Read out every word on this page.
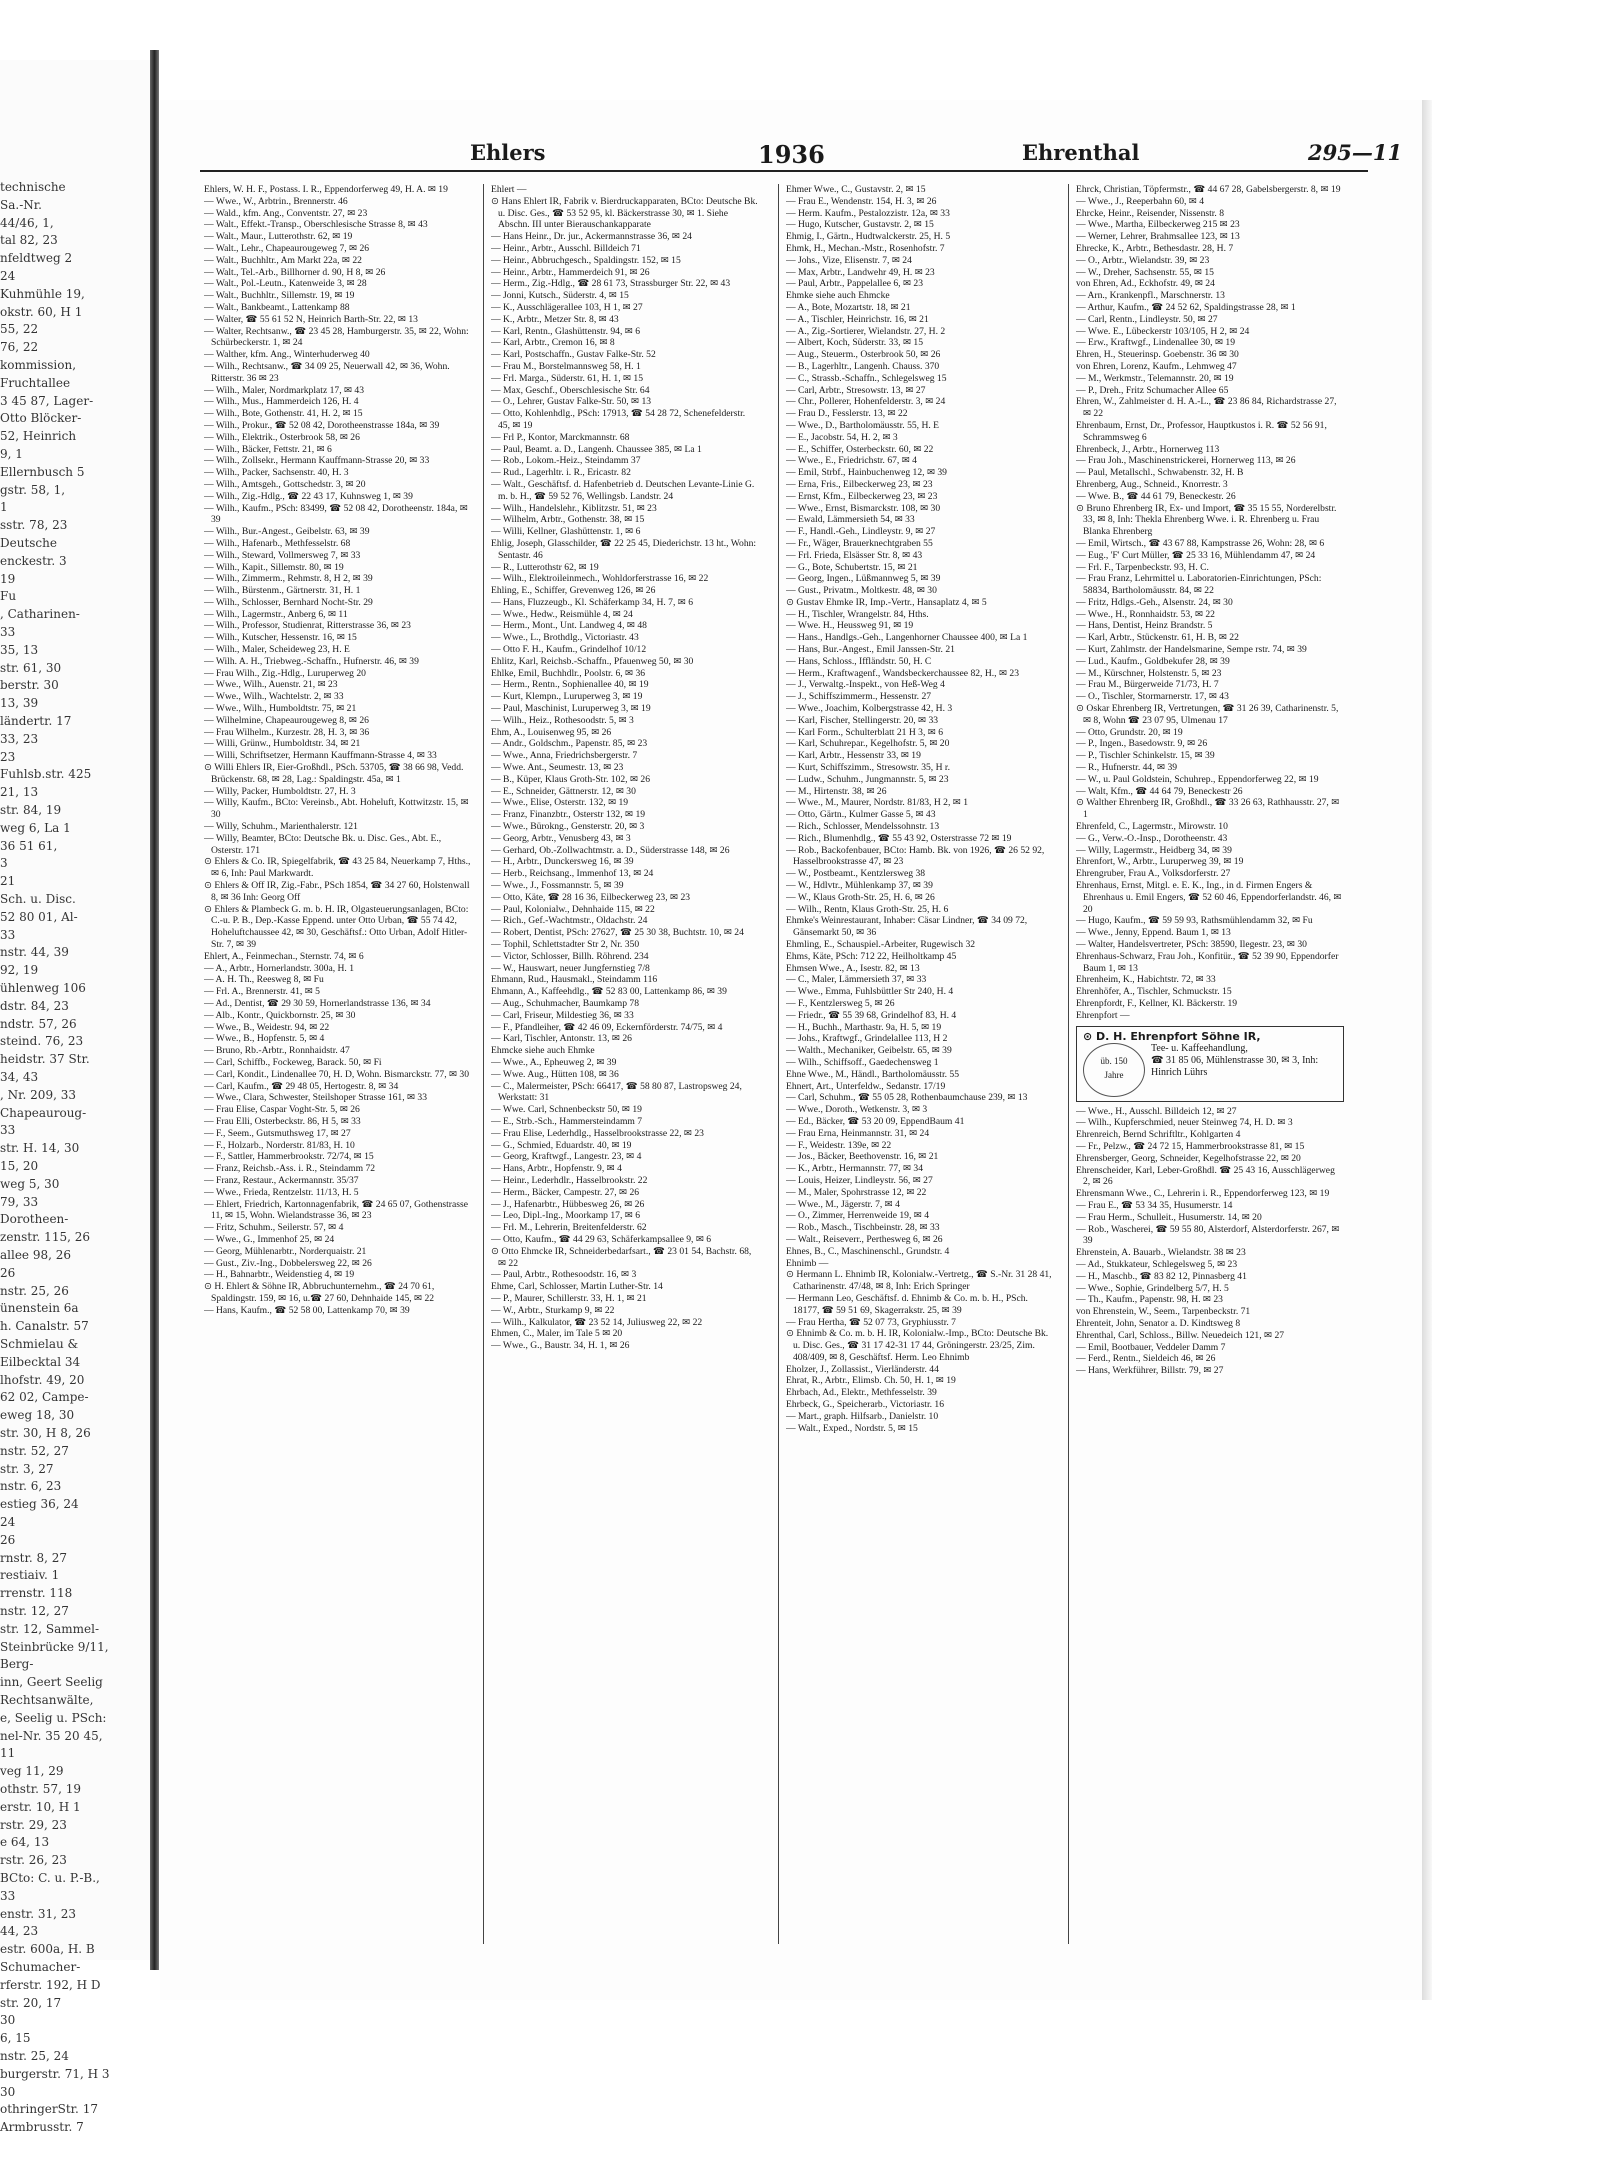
technische
Sa.-Nr.
44/46, 1,
tal 82, 23
nfeldtweg 2
24
Kuhmühle 19,
okstr. 60, H 1
55, 22
76, 22
kommission,
Fruchtallee
3 45 87, Lager-
Otto Blöcker-
52, Heinrich
9, 1
Ellernbusch 5
gstr. 58, 1,
1
sstr. 78, 23
Deutsche
enckestr. 3
19
Fu
, Catharinen-
33
35, 13
str. 61, 30
berstr. 30
13, 39
ländertr. 17
33, 23
23
Fuhlsb.str. 425
21, 13
str. 84, 19
weg 6, La 1
36 51 61,
3
21
Sch. u. Disc.
52 80 01, Al-
33
nstr. 44, 39
92, 19
ühlenweg 106
dstr. 84, 23
ndstr. 57, 26
steind. 76, 23
heidstr. 37 Str.
34, 43
, Nr. 209, 33
Chapeauroug-
33
str. H. 14, 30
15, 20
weg 5, 30
79, 33
Dorotheen-
zenstr. 115, 26
allee 98, 26
26
nstr. 25, 26
ünenstein 6a
h. Canalstr. 57
Schmielau &
Eilbecktal 34
lhofstr. 49, 20
62 02, Campe-
eweg 18, 30
str. 30, H 8, 26
nstr. 52, 27
str. 3, 27
nstr. 6, 23
estieg 36, 24
24
26
rnstr. 8, 27
restiaiv. 1
rrenstr. 118
nstr. 12, 27
str. 12, Sammel-
Steinbrücke 9/11,
Berg-
inn, Geert Seelig
Rechtsanwälte,
e, Seelig u. PSch:
nel-Nr. 35 20 45,
11
veg 11, 29
othstr. 57, 19
erstr. 10, H 1
rstr. 29, 23
e 64, 13
rstr. 26, 23
BCto: C. u. P.-B.,
33
enstr. 31, 23
44, 23
estr. 600a, H. B
Schumacher-
rferstr. 192, H D
str. 20, 17
30
6, 15
nstr. 25, 24
burgerstr. 71, H 3
30
othringerStr. 17
Armbrusstr. 7
Ehlers	1936	Ehrenthal	295—11

Ehlers, W. H. F., Postass. I. R., Eppendorferweg 49, H. A. ✉ 19

— Wwe., W., Arbtrin., Brennerstr. 46

— Wald., kfm. Ang., Conventstr. 27, ✉ 23

— Walt., Effekt.-Transp., Oberschlesische Strasse 8, ✉ 43

— Walt., Maur., Lutterothstr. 62, ✉ 19

— Walt., Lehr., Chapeaurougeweg 7, ✉ 26

— Walt., Buchhltr., Am Markt 22a, ✉ 22

— Walt., Tel.-Arb., Billhorner d. 90, H 8, ✉ 26

— Walt., Pol.-Leutn., Katenweide 3, ✉ 28

— Walt., Buchhltr., Sillemstr. 19, ✉ 19

— Walt., Bankbeamt., Lattenkamp 88

— Walter, ☎ 55 61 52 N, Heinrich Barth-Str. 22, ✉ 13

— Walter, Rechtsanw., ☎ 23 45 28, Hamburgerstr. 35, ✉ 22, Wohn: Schürbeckerstr. 1, ✉ 24

— Walther, kfm. Ang., Winterhuderweg 40

— Wilh., Rechtsanw., ☎ 34 09 25, Neuerwall 42, ✉ 36, Wohn. Ritterstr. 36 ✉ 23

— Wilh., Maler, Nordmarkplatz 17, ✉ 43

— Wilh., Mus., Hammerdeich 126, H. 4

— Wilh., Bote, Gothenstr. 41, H. 2, ✉ 15

— Wilh., Prokur., ☎ 52 08 42, Dorotheenstrasse 184a, ✉ 39

— Wilh., Elektrik., Osterbrook 58, ✉ 26

— Wilh., Bäcker, Fettstr. 21, ✉ 6

— Wilh., Zollsekr., Hermann Kauffmann-Strasse 20, ✉ 33

— Wilh., Packer, Sachsenstr. 40, H. 3

— Wilh., Amtsgeh., Gottschedstr. 3, ✉ 20

— Wilh., Zig.-Hdlg., ☎ 22 43 17, Kuhnsweg 1, ✉ 39

— Wilh., Kaufm., PSch: 83499, ☎ 52 08 42, Dorotheenstr. 184a, ✉ 39

— Wilh., Bur.-Angest., Geibelstr. 63, ✉ 39

— Wilh., Hafenarb., Methfesselstr. 68

— Wilh., Steward, Vollmersweg 7, ✉ 33

— Wilh., Kapit., Sillemstr. 80, ✉ 19

— Wilh., Zimmerm., Rehmstr. 8, H 2, ✉ 39

— Wilh., Bürstenm., Gärtnerstr. 31, H. 1

— Wilh., Schlosser, Bernhard Nocht-Str. 29

— Wilh., Lagermstr., Anberg 6, ✉ 11

— Wilh., Professor, Studienrat, Ritterstrasse 36, ✉ 23

— Wilh., Kutscher, Hessenstr. 16, ✉ 15

— Wilh., Maler, Scheideweg 23, H. E

— Wilh. A. H., Triebweg.-Schaffn., Hufnerstr. 46, ✉ 39

— Frau Wilh., Zig.-Hdlg., Luruperweg 20

— Wwe., Wilh., Auenstr. 21, ✉ 23

— Wwe., Wilh., Wachtelstr. 2, ✉ 33

— Wwe., Wilh., Humboldtstr. 75, ✉ 21

— Wilhelmine, Chapeaurougeweg 8, ✉ 26

— Frau Wilhelm., Kurzestr. 28, H. 3, ✉ 36

— Willi, Grünw., Humboldtstr. 34, ✉ 21

— Willi, Schriftsetzer, Hermann Kauffmann-Strasse 4, ✉ 33

⊙ Willi Ehlers IR, Eier-Großhdl., PSch. 53705, ☎ 38 66 98, Vedd. Brückenstr. 68, ✉ 28, Lag.: Spaldingstr. 45a, ✉ 1

— Willy, Packer, Humboldtstr. 27, H. 3

— Willy, Kaufm., BCto: Vereinsb., Abt. Hoheluft, Kottwitzstr. 15, ✉ 30

— Willy, Schuhm., Marienthalerstr. 121

— Willy, Beamter, BCto: Deutsche Bk. u. Disc. Ges., Abt. E., Osterstr. 171

⊙ Ehlers & Co. IR, Spiegelfabrik, ☎ 43 25 84, Neuerkamp 7, Hths., ✉ 6, Inh: Paul Markwardt.

⊙ Ehlers & Off IR, Zig.-Fabr., PSch 1854, ☎ 34 27 60, Holstenwall 8, ✉ 36 Inh: Georg Off

⊙ Ehlers & Plambeck G. m. b. H. IR, Olgasteuerungsanlagen, BCto: C.-u. P. B., Dep.-Kasse Eppend. unter Otto Urban, ☎ 55 74 42, Hoheluftchaussee 42, ✉ 30, Geschäftsf.: Otto Urban, Adolf Hitler-Str. 7, ✉ 39

Ehlert, A., Feinmechan., Sternstr. 74, ✉ 6

— A., Arbtr., Hornerlandstr. 300a, H. 1

— A. H. Th., Reesweg 8, ✉ Fu

— Frl. A., Brennerstr. 41, ✉ 5

— Ad., Dentist, ☎ 29 30 59, Hornerlandstrasse 136, ✉ 34

— Alb., Kontr., Quickbornstr. 25, ✉ 30

— Wwe., B., Weidestr. 94, ✉ 22

— Wwe., B., Hopfenstr. 5, ✉ 4

— Bruno, Rb.-Arbtr., Ronnhaidstr. 47

— Carl, Schiffb., Fockeweg, Barack. 50, ✉ Fi

— Carl, Kondit., Lindenallee 70, H. D, Wohn. Bismarckstr. 77, ✉ 30

— Carl, Kaufm., ☎ 29 48 05, Hertogestr. 8, ✉ 34

— Wwe., Clara, Schwester, Steilshoper Strasse 161, ✉ 33

— Frau Elise, Caspar Voght-Str. 5, ✉ 26

— Frau Elli, Osterbeckstr. 86, H 5, ✉ 33

— F., Seem., Gutsmuthsweg 17, ✉ 27

— F., Holzarb., Norderstr. 81/83, H. 10

— F., Sattler, Hammerbrookstr. 72/74, ✉ 15

— Franz, Reichsb.-Ass. i. R., Steindamm 72

— Franz, Restaur., Ackermannstr. 35/37

— Wwe., Frieda, Rentzelstr. 11/13, H. 5

— Ehlert, Friedrich, Kartonnagenfabrik, ☎ 24 65 07, Gothenstrasse 11, ✉ 15, Wohn. Wielandstrasse 36, ✉ 23

— Fritz, Schuhm., Seilerstr. 57, ✉ 4

— Wwe., G., Immenhof 25, ✉ 24

— Georg, Mühlenarbtr., Norderquaistr. 21

— Gust., Ziv.-Ing., Dobbelersweg 22, ✉ 26

— H., Bahnarbtr., Weidenstieg 4, ✉ 19

⊙ H. Ehlert & Söhne IR, Abbruchunternehm., ☎ 24 70 61, Spaldingstr. 159, ✉ 16, u.☎ 27 60, Dehnhaide 145, ✉ 22

— Hans, Kaufm., ☎ 52 58 00, Lattenkamp 70, ✉ 39

Ehlert —

⊙ Hans Ehlert IR, Fabrik v. Bierdruckapparaten, BCto: Deutsche Bk. u. Disc. Ges., ☎ 53 52 95, kl. Bäckerstrasse 30, ✉ 1. Siehe Abschn. III unter Bierauschankapparate

— Hans Heinr., Dr. jur., Ackermannstrasse 36, ✉ 24

— Heinr., Arbtr., Ausschl. Billdeich 71

— Heinr., Abbruchgesch., Spaldingstr. 152, ✉ 15

— Heinr., Arbtr., Hammerdeich 91, ✉ 26

— Herm., Zig.-Hdlg., ☎ 28 61 73, Strassburger Str. 22, ✉ 43

— Jonni, Kutsch., Süderstr. 4, ✉ 15

— K., Ausschlägerallee 103, H 1, ✉ 27

— K., Arbtr., Metzer Str. 8, ✉ 43

— Karl, Rentn., Glashüttenstr. 94, ✉ 6

— Karl, Arbtr., Cremon 16, ✉ 8

— Karl, Postschaffn., Gustav Falke-Str. 52

— Frau M., Borstelmannsweg 58, H. 1

— Frl. Marga., Süderstr. 61, H. 1, ✉ 15

— Max, Geschf., Oberschlesische Str. 64

— O., Lehrer, Gustav Falke-Str. 50, ✉ 13

— Otto, Kohlenhdlg., PSch: 17913, ☎ 54 28 72, Schenefelderstr. 45, ✉ 19

— Frl P., Kontor, Marckmannstr. 68

— Paul, Beamt. a. D., Langenh. Chaussee 385, ✉ La 1

— Rob., Lokom.-Heiz., Steindamm 37

— Rud., Lagerhltr. i. R., Ericastr. 82

— Walt., Geschäftsf. d. Hafenbetrieb d. Deutschen Levante-Linie G. m. b. H., ☎ 59 52 76, Wellingsb. Landstr. 24

— Wilh., Handelslehr., Kiblitzstr. 51, ✉ 23

— Wilhelm, Arbtr., Gothenstr. 38, ✉ 15

— Willi, Kellner, Glashüttenstr. 1, ✉ 6

Ehlig, Joseph, Glasschilder, ☎ 22 25 45, Diederichstr. 13 ht., Wohn: Sentastr. 46

— R., Lutterothstr 62, ✉ 19

— Wilh., Elektroileinmech., Wohldorferstrasse 16, ✉ 22

Ehling, E., Schiffer, Grevenweg 126, ✉ 26

— Hans, Fluzzeugb., Kl. Schäferkamp 34, H. 7, ✉ 6

— Wwe., Hedw., Reismühle 4, ✉ 24

— Herm., Mont., Unt. Landweg 4, ✉ 48

— Wwe., L., Brothdlg., Victoriastr. 43

— Otto F. H., Kaufm., Grindelhof 10/12

Ehlitz, Karl, Reichsb.-Schaffn., Pfauenweg 50, ✉ 30

Ehlke, Emil, Buchhdlr., Poolstr. 6, ✉ 36

— Herm., Rentn., Sophienallee 40, ✉ 19

— Kurt, Klempn., Luruperweg 3, ✉ 19

— Paul, Maschinist, Luruperweg 3, ✉ 19

— Wilh., Heiz., Rothesoodstr. 5, ✉ 3

Ehm, A., Louisenweg 95, ✉ 26

— Andr., Goldschm., Papenstr. 85, ✉ 23

— Wwe., Anna, Friedrichsbergerstr. 7

— Wwe. Ant., Seumestr. 13, ✉ 23

— B., Küper, Klaus Groth-Str. 102, ✉ 26

— E., Schneider, Gättnerstr. 12, ✉ 30

— Wwe., Elise, Osterstr. 132, ✉ 19

— Franz, Finanzbtr., Osterstr 132, ✉ 19

— Wwe., Bürokng., Gensterstr. 20, ✉ 3

— Georg, Arbtr., Venusberg 43, ✉ 3

— Gerhard, Ob.-Zollwachtmstr. a. D., Süderstrasse 148, ✉ 26

— H., Arbtr., Dunckersweg 16, ✉ 39

— Herb., Reichsang., Immenhof 13, ✉ 24

— Wwe., J., Fossmannstr. 5, ✉ 39

— Otto, Käte, ☎ 28 16 36, Eilbeckerweg 23, ✉ 23

— Paul, Kolonialw., Dehnhaide 115, ✉ 22

— Rich., Gef.-Wachtmstr., Oldachstr. 24

— Robert, Dentist, PSch: 27627, ☎ 25 30 38, Buchtstr. 10, ✉ 24

— Tophil, Schlettstadter Str 2, Nr. 350

— Victor, Schlosser, Billh. Röhrend. 234

— W., Hauswart, neuer Jungfernstieg 7/8

Ehmann, Rud., Hausmakl., Steindamm 116

Ehmann, A., Kaffeehdlg., ☎ 52 83 00, Lattenkamp 86, ✉ 39

— Aug., Schuhmacher, Baumkamp 78

— Carl, Friseur, Mildestieg 36, ✉ 33

— F., Pfandleiher, ☎ 42 46 09, Eckernförderstr. 74/75, ✉ 4

— Karl, Tischler, Antonstr. 13, ✉ 26

Ehmcke siehe auch Ehmke

— Wwe., A., Epheuweg 2, ✉ 39

— Wwe. Aug., Hütten 108, ✉ 36

— C., Malermeister, PSch: 66417, ☎ 58 80 87, Lastropsweg 24, Werkstatt: 31

— Wwe. Carl, Schnenbeckstr 50, ✉ 19

— E., Strb.-Sch., Hammersteindamm 7

— Frau Elise, Lederhdlg., Hasselbrookstrasse 22, ✉ 23

— G., Schmied, Eduardstr. 40, ✉ 19

— Georg, Kraftwgf., Langestr. 23, ✉ 4

— Hans, Arbtr., Hopfenstr. 9, ✉ 4

— Heinr., Lederhdlr., Hasselbrookstr. 22

— Herm., Bäcker, Campestr. 27, ✉ 26

— J., Hafenarbtr., Hübbesweg 26, ✉ 26

— Leo, Dipl.-Ing., Moorkamp 17, ✉ 6

— Frl. M., Lehrerin, Breitenfelderstr. 62

— Otto, Kaufm., ☎ 44 29 63, Schäferkampsallee 9, ✉ 6

⊙ Otto Ehmcke IR, Schneiderbedarfsart., ☎ 23 01 54, Bachstr. 68, ✉ 22

— Paul, Arbtr., Rothesoodstr. 16, ✉ 3

Ehme, Carl, Schlosser, Martin Luther-Str. 14

— P., Maurer, Schillerstr. 33, H. 1, ✉ 21

— W., Arbtr., Sturkamp 9, ✉ 22

— Wilh., Kalkulator, ☎ 23 52 14, Juliusweg 22, ✉ 22

Ehmen, C., Maler, im Tale 5 ✉ 20

— Wwe., G., Baustr. 34, H. 1, ✉ 26

Ehmer Wwe., C., Gustavstr. 2, ✉ 15

— Frau E., Wendenstr. 154, H. 3, ✉ 26

— Herm. Kaufm., Pestalozzistr. 12a, ✉ 33

— Hugo, Kutscher, Gustavstr. 2, ✉ 15

Ehmig, I., Gärtn., Hudtwalckerstr. 25, H. 5

Ehmk, H., Mechan.-Mstr., Rosenhofstr. 7

— Johs., Vize, Elisenstr. 7, ✉ 24

— Max, Arbtr., Landwehr 49, H. ✉ 23

— Paul, Arbtr., Pappelallee 6, ✉ 23

Ehmke siehe auch Ehmcke

— A., Bote, Mozartstr. 18, ✉ 21

— A., Tischler, Heinrichstr. 16, ✉ 21

— A., Zig.-Sortierer, Wielandstr. 27, H. 2

— Albert, Koch, Süderstr. 33, ✉ 15

— Aug., Steuerm., Osterbrook 50, ✉ 26

— B., Lagerhltr., Langenh. Chauss. 370

— C., Strassb.-Schaffn., Schlegelsweg 15

— Carl, Arbtr., Stresowstr. 13, ✉ 27

— Chr., Pollerer, Hohenfelderstr. 3, ✉ 24

— Frau D., Fesslerstr. 13, ✉ 22

— Wwe., D., Bartholomäusstr. 55, H. E

— E., Jacobstr. 54, H. 2, ✉ 3

— E., Schiffer, Osterbeckstr. 60, ✉ 22

— Wwe., E., Friedrichstr. 67, ✉ 4

— Emil, Strbf., Hainbuchenweg 12, ✉ 39

— Erna, Fris., Eilbeckerweg 23, ✉ 23

— Ernst, Kfm., Eilbeckerweg 23, ✉ 23

— Wwe., Ernst, Bismarckstr. 108, ✉ 30

— Ewald, Lämmersieth 54, ✉ 33

— F., Handl.-Geh., Lindleystr. 9, ✉ 27

— Fr., Wäger, Brauerknechtgraben 55

— Frl. Frieda, Elsässer Str. 8, ✉ 43

— G., Bote, Schubertstr. 15, ✉ 21

— Georg, Ingen., Lüßmannweg 5, ✉ 39

— Gust., Privatm., Moltkestr. 48, ✉ 30

⊙ Gustav Ehmke IR, Imp.-Vertr., Hansaplatz 4, ✉ 5

— H., Tischler, Wrangelstr. 84, Hths.

— Wwe. H., Heussweg 91, ✉ 19

— Hans., Handlgs.-Geh., Langenhorner Chaussee 400, ✉ La 1

— Hans, Bur.-Angest., Emil Janssen-Str. 21

— Hans, Schloss., Iffländstr. 50, H. C

— Herm., Kraftwagenf., Wandsbeckerchaussee 82, H., ✉ 23

— J., Verwaltg.-Inspekt., von Heß-Weg 4

— J., Schiffszimmerm., Hessenstr. 27

— Wwe., Joachim, Kolbergstrasse 42, H. 3

— Karl, Fischer, Stellingerstr. 20, ✉ 33

— Karl Form., Schulterblatt 21 H 3, ✉ 6

— Karl, Schuhrepar., Kegelhofstr. 5, ✉ 20

— Karl, Arbtr., Hessenstr 33, ✉ 19

— Kurt, Schiffszimm., Stresowstr. 35, H r.

— Ludw., Schuhm., Jungmannstr. 5, ✉ 23

— M., Hirtenstr. 38, ✉ 26

— Wwe., M., Maurer, Nordstr. 81/83, H 2, ✉ 1

— Otto, Gärtn., Kulmer Gasse 5, ✉ 43

— Rich., Schlosser, Mendelssohnstr. 13

— Rich., Blumenhdlg., ☎ 55 43 92, Osterstrasse 72 ✉ 19

— Rob., Backofenbauer, BCto: Hamb. Bk. von 1926, ☎ 26 52 92, Hasselbrookstrasse 47, ✉ 23

— W., Postbeamt., Kentzlersweg 38

— W., Hdlvtr., Mühlenkamp 37, ✉ 39

— W., Klaus Groth-Str. 25, H. 6, ✉ 26

— Wilh., Rentn, Klaus Groth-Str. 25, H. 6

Ehmke's Weinrestaurant, Inhaber: Cäsar Lindner, ☎ 34 09 72, Gänsemarkt 50, ✉ 36

Ehmling, E., Schauspiel.-Arbeiter, Rugewisch 32

Ehms, Käte, PSch: 712 22, Heilholtkamp 45

Ehmsen Wwe., A., Isestr. 82, ✉ 13

— C., Maler, Lämmersieth 37, ✉ 33

— Wwe., Emma, Fuhlsbüttler Str 240, H. 4

— F., Kentzlersweg 5, ✉ 26

— Friedr., ☎ 55 39 68, Grindelhof 83, H. 4

— H., Buchh., Marthastr. 9a, H. 5, ✉ 19

— Johs., Kraftwgf., Grindelallee 113, H 2

— Walth., Mechaniker, Geibelstr. 65, ✉ 39

— Wilh., Schiffsoff., Gaedechensweg 1

Ehne Wwe., M., Händl., Bartholomäusstr. 55

Ehnert, Art., Unterfeldw., Sedanstr. 17/19

— Carl, Schuhm., ☎ 55 05 28, Rothenbaumchause 239, ✉ 13

— Wwe., Doroth., Wetkenstr. 3, ✉ 3

— Ed., Bäcker, ☎ 53 20 09, EppendBaum 41

— Frau Erna, Heinmannstr. 31, ✉ 24

— F., Weidestr. 139e, ✉ 22

— Jos., Bäcker, Beethovenstr. 16, ✉ 21

— K., Arbtr., Hermannstr. 77, ✉ 34

— Louis, Heizer, Lindleystr. 56, ✉ 27

— M., Maler, Spohrstrasse 12, ✉ 22

— Wwe., M., Jägerstr. 7, ✉ 4

— O., Zimmer, Herrenweide 19, ✉ 4

— Rob., Masch., Tischbeinstr. 28, ✉ 33

— Walt., Reiseverr., Perthesweg 6, ✉ 26

Ehnes, B., C., Maschinenschl., Grundstr. 4

Ehnimb —

⊙ Hermann L. Ehnimb IR, Kolonialw.-Vertretg., ☎ S.-Nr. 31 28 41, Catharinenstr. 47/48, ✉ 8, Inh: Erich Springer

— Hermann Leo, Geschäftsf. d. Ehnimb & Co. m. b. H., PSch. 18177, ☎ 59 51 69, Skagerrakstr. 25, ✉ 39

— Frau Hertha, ☎ 52 07 73, Gryphiusstr. 7

⊙ Ehnimb & Co. m. b. H. IR, Kolonialw.-Imp., BCto: Deutsche Bk. u. Disc. Ges., ☎ 31 17 42-31 17 44, Gröningerstr. 23/25, Zim. 408/409, ✉ 8, Geschäftsf. Herm. Leo Ehnimb

Eholzer, J., Zollassist., Vierländerstr. 44

Ehrat, R., Arbtr., Elimsb. Ch. 50, H. 1, ✉ 19

Ehrbach, Ad., Elektr., Methfesselstr. 39

Ehrbeck, G., Speicherarb., Victoriastr. 16

— Mart., graph. Hilfsarb., Danielstr. 10

— Walt., Exped., Nordstr. 5, ✉ 15

Ehrck, Christian, Töpfermstr., ☎ 44 67 28, Gabelsbergerstr. 8, ✉ 19

— Wwe., J., Reeperbahn 60, ✉ 4

Ehrcke, Heinr., Reisender, Nissenstr. 8

— Wwe., Martha, Eilbeckerweg 215 ✉ 23

— Werner, Lehrer, Brahmsallee 123, ✉ 13

Ehrecke, K., Arbtr., Bethesdastr. 28, H. 7

— O., Arbtr., Wielandstr. 39, ✉ 23

— W., Dreher, Sachsenstr. 55, ✉ 15

von Ehren, Ad., Eckhofstr. 49, ✉ 24

— Arn., Krankenpfl., Marschnerstr. 13

— Arthur, Kaufm., ☎ 24 52 62, Spaldingstrasse 28, ✉ 1

— Carl, Rentn., Lindleystr. 50, ✉ 27

— Wwe. E., Lübeckerstr 103/105, H 2, ✉ 24

— Erw., Kraftwgf., Lindenallee 30, ✉ 19

Ehren, H., Steuerinsp. Goebenstr. 36 ✉ 30

von Ehren, Lorenz, Kaufm., Lehmweg 47

— M., Werkmstr., Telemannstr. 20, ✉ 19

— P., Dreh., Fritz Schumacher Allee 65

Ehren, W., Zahlmeister d. H. A.-L., ☎ 23 86 84, Richardstrasse 27, ✉ 22

Ehrenbaum, Ernst, Dr., Professor, Hauptkustos i. R. ☎ 52 56 91, Schrammsweg 6

Ehrenbeck, J., Arbtr., Hornerweg 113

— Frau Joh., Maschinenstrickerei, Hornerweg 113, ✉ 26

— Paul, Metallschl., Schwabenstr. 32, H. B

Ehrenberg, Aug., Schneid., Knorrestr. 3

— Wwe. B., ☎ 44 61 79, Beneckestr. 26

⊙ Bruno Ehrenberg IR, Ex- und Import, ☎ 35 15 55, Norderelbstr. 33, ✉ 8, Inh: Thekla Ehrenberg Wwe. i. R. Ehrenberg u. Frau Blanka Ehrenberg

— Emil, Wirtsch., ☎ 43 67 88, Kampstrasse 26, Wohn: 28, ✉ 6

— Eug., 'F' Curt Müller, ☎ 25 33 16, Mühlendamm 47, ✉ 24

— Frl. F., Tarpenbeckstr. 93, H. C.

— Frau Franz, Lehrmittel u. Laboratorien-Einrichtungen, PSch: 58834, Bartholomäusstr. 84, ✉ 22

— Fritz, Hdlgs.-Geh., Alsenstr. 24, ✉ 30

— Wwe., H., Ronnhaidstr. 53, ✉ 22

— Hans, Dentist, Heinz Brandstr. 5

— Karl, Arbtr., Stückenstr. 61, H. B, ✉ 22

— Kurt, Zahlmstr. der Handelsmarine, Sempe rstr. 74, ✉ 39

— Lud., Kaufm., Goldbekufer 28, ✉ 39

— M., Kürschner, Holstenstr. 5, ✉ 23

— Frau M., Bürgerweide 71/73, H. 7

— O., Tischler, Stormarnerstr. 17, ✉ 43

⊙ Oskar Ehrenberg IR, Vertretungen, ☎ 31 26 39, Catharinenstr. 5, ✉ 8, Wohn ☎ 23 07 95, Ulmenau 17

— Otto, Grundstr. 20, ✉ 19

— P., Ingen., Basedowstr. 9, ✉ 26

— P., Tischler Schinkelstr. 15, ✉ 39

— R., Hufnerstr. 44, ✉ 39

— W., u. Paul Goldstein, Schuhrep., Eppendorferweg 22, ✉ 19

— Walt, Kfm., ☎ 44 64 79, Beneckestr 26

⊙ Walther Ehrenberg IR, Großhdl., ☎ 33 26 63, Rathhausstr. 27, ✉ 1

Ehrenfeld, C., Lagermstr., Mirowstr. 10

— G., Verw.-O.-Insp., Dorotheenstr. 43

— Willy, Lagermstr., Heidberg 34, ✉ 39

Ehrenfort, W., Arbtr., Luruperweg 39, ✉ 19

Ehrengruber, Frau A., Volksdorferstr. 27

Ehrenhaus, Ernst, Mitgl. e. E. K., Ing., in d. Firmen Engers & Ehrenhaus u. Emil Engers, ☎ 52 60 46, Eppendorferlandstr. 46, ✉ 20

— Hugo, Kaufm., ☎ 59 59 93, Rathsmühlendamm 32, ✉ Fu

— Wwe., Jenny, Eppend. Baum 1, ✉ 13

— Walter, Handelsvertreter, PSch: 38590, Ilegestr. 23, ✉ 30

Ehrenhaus-Schwarz, Frau Joh., Konfitür., ☎ 52 39 90, Eppendorfer Baum 1, ✉ 13

Ehrenheim, K., Habichtstr. 72, ✉ 33

Ehrenhöfer, A., Tischler, Schmuckstr. 15

Ehrenpfordt, F., Kellner, Kl. Bäckerstr. 19

Ehrenpfort —

⊙ D. H. Ehrenpfort Söhne IR,
üb. 150
Jahre
Tee- u. Kaffeehandlung,
☎ 31 85 06, Mühlenstrasse 30, ✉ 3, Inh:
Hinrich Lührs

— Wwe., H., Ausschl. Billdeich 12, ✉ 27

— Wilh., Kupferschmied, neuer Steinweg 74, H. D. ✉ 3

Ehrenreich, Bernd Schriftltr., Kohlgarten 4

— Fr., Pelzw., ☎ 24 72 15, Hammerbrookstrasse 81, ✉ 15

Ehrensberger, Georg, Schneider, Kegelhofstrasse 22, ✉ 20

Ehrenscheider, Karl, Leber-Großhdl. ☎ 25 43 16, Ausschlägerweg 2, ✉ 26

Ehrensmann Wwe., C., Lehrerin i. R., Eppendorferweg 123, ✉ 19

— Frau E., ☎ 53 34 35, Husumerstr. 14

— Frau Herm., Schulleit., Husumerstr. 14, ✉ 20

— Rob., Wascherei, ☎ 59 55 80, Alsterdorf, Alsterdorferstr. 267, ✉ 39

Ehrenstein, A. Bauarb., Wielandstr. 38 ✉ 23

— Ad., Stukkateur, Schlegelsweg 5, ✉ 23

— H., Maschb., ☎ 83 82 12, Pinnasberg 41

— Wwe., Sophie, Grindelberg 5/7, H. 5

— Th., Kaufm., Papenstr. 98, H. ✉ 23

von Ehrenstein, W., Seem., Tarpenbeckstr. 71

Ehrenteit, John, Senator a. D. Kindtsweg 8

Ehrenthal, Carl, Schloss., Billw. Neuedeich 121, ✉ 27

— Emil, Bootbauer, Veddeler Damm 7

— Ferd., Rentn., Sieldeich 46, ✉ 26

— Hans, Werkführer, Billstr. 79, ✉ 27
